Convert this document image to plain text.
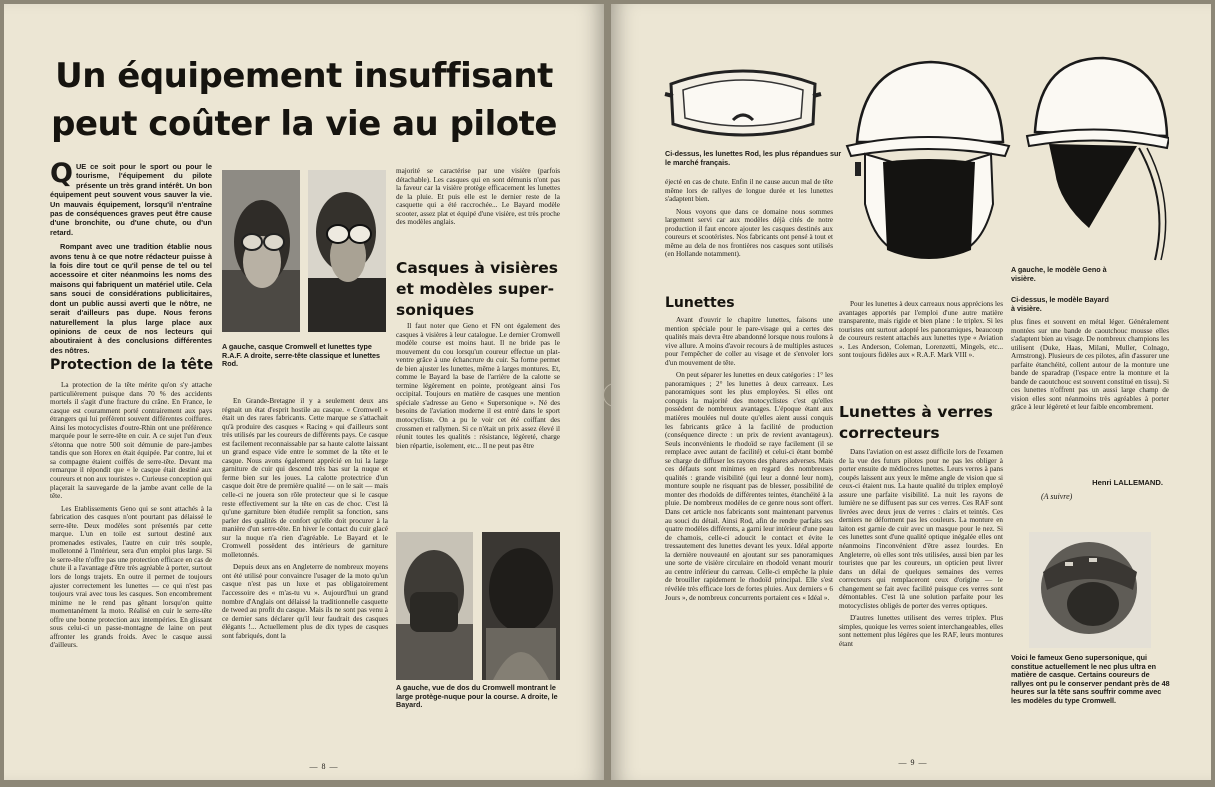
Un équipement insuffisant
peut coûter la vie au pilote

QUE ce soit pour le sport ou pour le tourisme, l'équipement du pilote présente un très grand intérêt. Un bon équipement peut souvent vous sauver la vie. Un mauvais équipement, lorsqu'il n'entraîne pas de conséquences graves peut être cause d'une bronchite, ou d'une chute, ou d'un retard.

Rompant avec une tradition établie nous avons tenu à ce que notre rédacteur puisse à la fois dire tout ce qu'il pense de tel ou tel accessoire et citer néanmoins les noms des maisons qui fabriquent un matériel utile. Cela sans souci de considérations publicitaires, dont un public aussi averti que le nôtre, ne serait d'ailleurs pas dupe. Nous ferons naturellement la plus large place aux opinions de ceux de nos lecteurs qui aboutiraient à des conclusions différentes des nôtres.	A gauche, casque Cromwell et lunettes type R.A.F. A droite, serre-tête classique et lunettes Rod.
Protection de la tête

La protection de la tête mérite qu'on s'y attache particulièrement puisque dans 70 % des accidents mortels il s'agit d'une fracture du crâne. En France, le casque est couramment porté contrairement aux pays étrangers qui lui préfèrent souvent différentes coiffures. Ainsi les motocyclistes d'outre-Rhin ont une préférence marquée pour le serre-tête en cuir. A ce sujet l'un d'eux s'étonna que notre 500 soit démunie de pare-jambes tandis que son Horex en était équipée. Par contre, lui et sa compagne étaient coiffés de serre-tête. Devant ma remarque il répondit que « le casque était destiné aux coureurs et non aux touristes ». Curieuse conception qui plaçerait la sauvegarde de la jambe avant celle de la tête.

Les Etablissements Geno qui se sont attachés à la fabrication des casques n'ont pourtant pas délaissé le serre-tête. Deux modèles sont présentés par cette marque. L'un en toile est surtout destiné aux promenades estivales, l'autre en cuir très souple, molletonné à l'intérieur, sera d'un emploi plus large. Si le serre-tête n'offre pas une protection efficace en cas de chute il a l'avantage d'être très agréable à porter, surtout lors de longs trajets. En outre il permet de toujours ajuster correctement les lunettes — ce qui n'est pas toujours vrai avec tous les casques. Son encombrement minime ne le rend pas gênant lorsqu'on quitte momentanément la moto. Réalisé en cuir le serre-tête offre une bonne protection aux intempéries. En glissant sous celui-ci un passe-montagne de laine on peut affronter les grands froids. Avec le casque aussi d'ailleurs.

En Grande-Bretagne il y a seulement deux ans régnait un état d'esprit hostile au casque. « Cromwell » était un des rares fabricants. Cette marque se s'attachait qu'à produire des casques « Racing » qui d'ailleurs sont très utilisés par les coureurs de différents pays. Ce casque est facilement reconnaissable par sa haute calotte laissant un grand espace vide entre le sommet de la tête et le casque. Nous avons également apprécié en lui la large garniture de cuir qui descend très bas sur la nuque et ferme bien sur les joues. La calotte protectrice d'un casque doit être de première qualité — on le sait — mais celle-ci ne jouera son rôle protecteur que si le casque reste effectivement sur la tête en cas de choc. C'est là qu'une garniture bien étudiée remplit sa fonction, sans parler des qualités de confort qu'elle doit procurer à la manière d'un serre-tête. En hiver le contact du cuir glacé sur la nuque n'a rien d'agréable. Le Bayard et le Cromwell possèdent des intérieurs de garniture molletonnés.

Depuis deux ans en Angleterre de nombreux moyens ont été utilisé pour convaincre l'usager de la moto qu'un casque n'est pas un luxe et pas obligatoirement l'accessoire des « m'as-tu vu ». Aujourd'hui un grand nombre d'Anglais ont délaissé la traditionnelle casquette de tweed au profit du casque. Mais ils ne sont pas venu à ce dernier sans déclarer qu'il leur faudrait des casques élégants !... Actuellement plus de dix types de casques sont fabriqués, dont la

majorité se caractérise par une visière (parfois détachable). Les casques qui en sont démunis n'ont pas la faveur car la visière protège efficacement les lunettes de la pluie. Et puis elle est le dernier reste de la casquette qui a été raccrochée... Le Bayard modèle scooter, assez plat et équipé d'une visière, est très proche des modèles anglais.

Casques à visières et modèles super-soniques

Il faut noter que Geno et FN ont également des casques à visières à leur catalogue. Le dernier Cromwell modèle course est moins haut. Il ne bride pas le mouvement du cou lorsqu'un coureur effectue un plat-ventre grâce à une échancrure du cuir. Sa forme permet de bien ajuster les lunettes, même à larges montures. Et, comme le Bayard la base de l'arrière de la calotte se termine légèrement en pointe, protégeant ainsi l'os occipital. Toujours en matière de casques une mention spéciale s'adresse au Geno « Supersonique ». Né des besoins de l'aviation moderne il est entré dans le sport motocycliste. On a pu le voir cet été coiffant des crossmen et rallymen. Si ce n'était un prix assez élevé il réunit toutes les qualités : résistance, légèreté, charge bien répartie, isolement, etc... Il ne peut pas être

A gauche, vue de dos du Cromwell montrant le large protège-nuque pour la course. A droite, le Bayard.
— 8 —
Ci-dessus, les lunettes Rod, les plus répandues sur le marché français.
A gauche, le modèle Geno à visière.
Ci-dessus, le modèle Bayard à visière.

éjecté en cas de chute. Enfin il ne cause aucun mal de tête même lors de rallyes de longue durée et les lunettes s'adaptent bien.

Nous voyons que dans ce domaine nous sommes largement servi car aux modèles déjà cités de notre production il faut encore ajouter les casques destinés aux coureurs et scootéristes. Nos fabricants ont pensé à tout et même au dela de nos frontières nos casques sont utilisés (en Hollande notamment).

Lunettes

Avant d'ouvrir le chapitre lunettes, faisons une mention spéciale pour le pare-visage qui a certes des qualités mais devra être abandonné lorsque nous roulons à vive allure. A moins d'avoir recours à de multiples astuces pour l'empêcher de coller au visage et de s'envoler lors d'un mouvement de tête.

On peut séparer les lunettes en deux catégories : 1° les panoramiques ; 2° les lunettes à deux carreaux. Les panoramiques sont les plus employées. Si elles ont conquis la majorité des motocyclistes c'est qu'elles possèdent de nombreux avantages. L'époque étant aux matières moulées nul doute qu'elles aient aussi conquis les fabricants grâce à la facilité de production (conséquence directe : un prix de revient avantageux). Seuls inconvénients le rhodoïd se raye facilement (il se remplace avec autant de facilité) et celui-ci étant bombé se charge de diffuser les rayons des phares adverses. Mais ces défauts sont minimes en regard des nombreuses qualités : grande visibilité (qui leur a donné leur nom), monture souple ne risquant pas de blesser, possibilité de monter des rhodoïds de différentes teintes, étanchéité à la pluie. De nombreux modèles de ce genre nous sont offert. Dans cet article nos fabricants sont maintenant parvenus au souci du détail. Ainsi Rod, afin de rendre parfaits ses quatre modèles différents, a garni leur intérieur d'une peau de chamois, celle-ci adoucit le contact et évite le tressautement des lunettes devant les yeux. Idéal apporte la dernière nouveauté en ajoutant sur ses panoramiques une sorte de visière circulaire en rhodoïd venant mourir au centre inférieur du carreau. Celle-ci empêche la pluie de brouiller rapidement le rhodoïd principal. Elle s'est révélée très efficace lors de fortes pluies. Aux derniers « 6 Jours », de nombreux concurrents portaient ces « Idéal ».

Pour les lunettes à deux carreaux nous apprécions les avantages apportés par l'emploi d'une autre matière transparente, mais rigide et bien plane : le triplex. Si les touristes ont surtout adopté les panoramiques, beaucoup de coureurs restent attachés aux lunettes type « Aviation ». Les Anderson, Coleman, Lorenzetti, Mingels, etc... sont toujours fidèles aux « R.A.F. Mark VIII ».

Lunettes à verres correcteurs

Dans l'aviation on est assez difficile lors de l'examen de la vue des futurs pilotes pour ne pas les obliger à porter ensuite de médiocres lunettes. Leurs verres à pans coupés laissent aux yeux le même angle de vision que si ceux-ci étaient nus. La haute qualité du triplex employé assure une parfaite visibilité. La nuit les rayons de lumière ne se diffusent pas sur ces verres. Ces RAF sont livrées avec deux jeux de verres : clairs et teintés. Ces derniers ne déforment pas les couleurs. La monture en laiton est garnie de cuir avec un masque pour le nez. Si ces lunettes sont d'une qualité optique inégalée elles ont néanmoins l'inconvénient d'être assez lourdes. En Angleterre, où elles sont très utilisées, aussi bien par les touristes que par les coureurs, un opticien peut livrer dans un délai de quelques semaines des verres correcteurs qui remplaceront ceux d'origine — le changement se fait avec facilité puisque ces verres sont démontables. C'est là une solution parfaite pour les motocyclistes obligés de porter des verres optiques.

D'autres lunettes utilisent des verres triplex. Plus simples, quoique les verres soient interchangeables, elles sont nettement plus légères que les RAF, leurs montures étant

plus fines et souvent en métal léger. Généralement montées sur une bande de caoutchouc mousse elles s'adaptent bien au visage. De nombreux champions les utilisent (Duke, Haas, Milani, Muller, Colnago, Armstrong). Plusieurs de ces pilotes, afin d'assurer une parfaite étanchéité, collent autour de la monture une bande de sparadrap (l'espace entre la monture et la bande de caoutchouc est souvent constitué en tissu). Si ces lunettes n'offrent pas un aussi large champ de vision elles sont néanmoins très agréables à porter grâce à leur légèreté et leur faible encombrement.

Henri LALLEMAND.
(A suivre)
Voici le fameux Geno supersonique, qui constitue actuellement le nec plus ultra en matière de casque. Certains coureurs de rallyes ont pu le conserver pendant près de 48 heures sur la tête sans souffrir comme avec les modèles du type Cromwell.
— 9 —
